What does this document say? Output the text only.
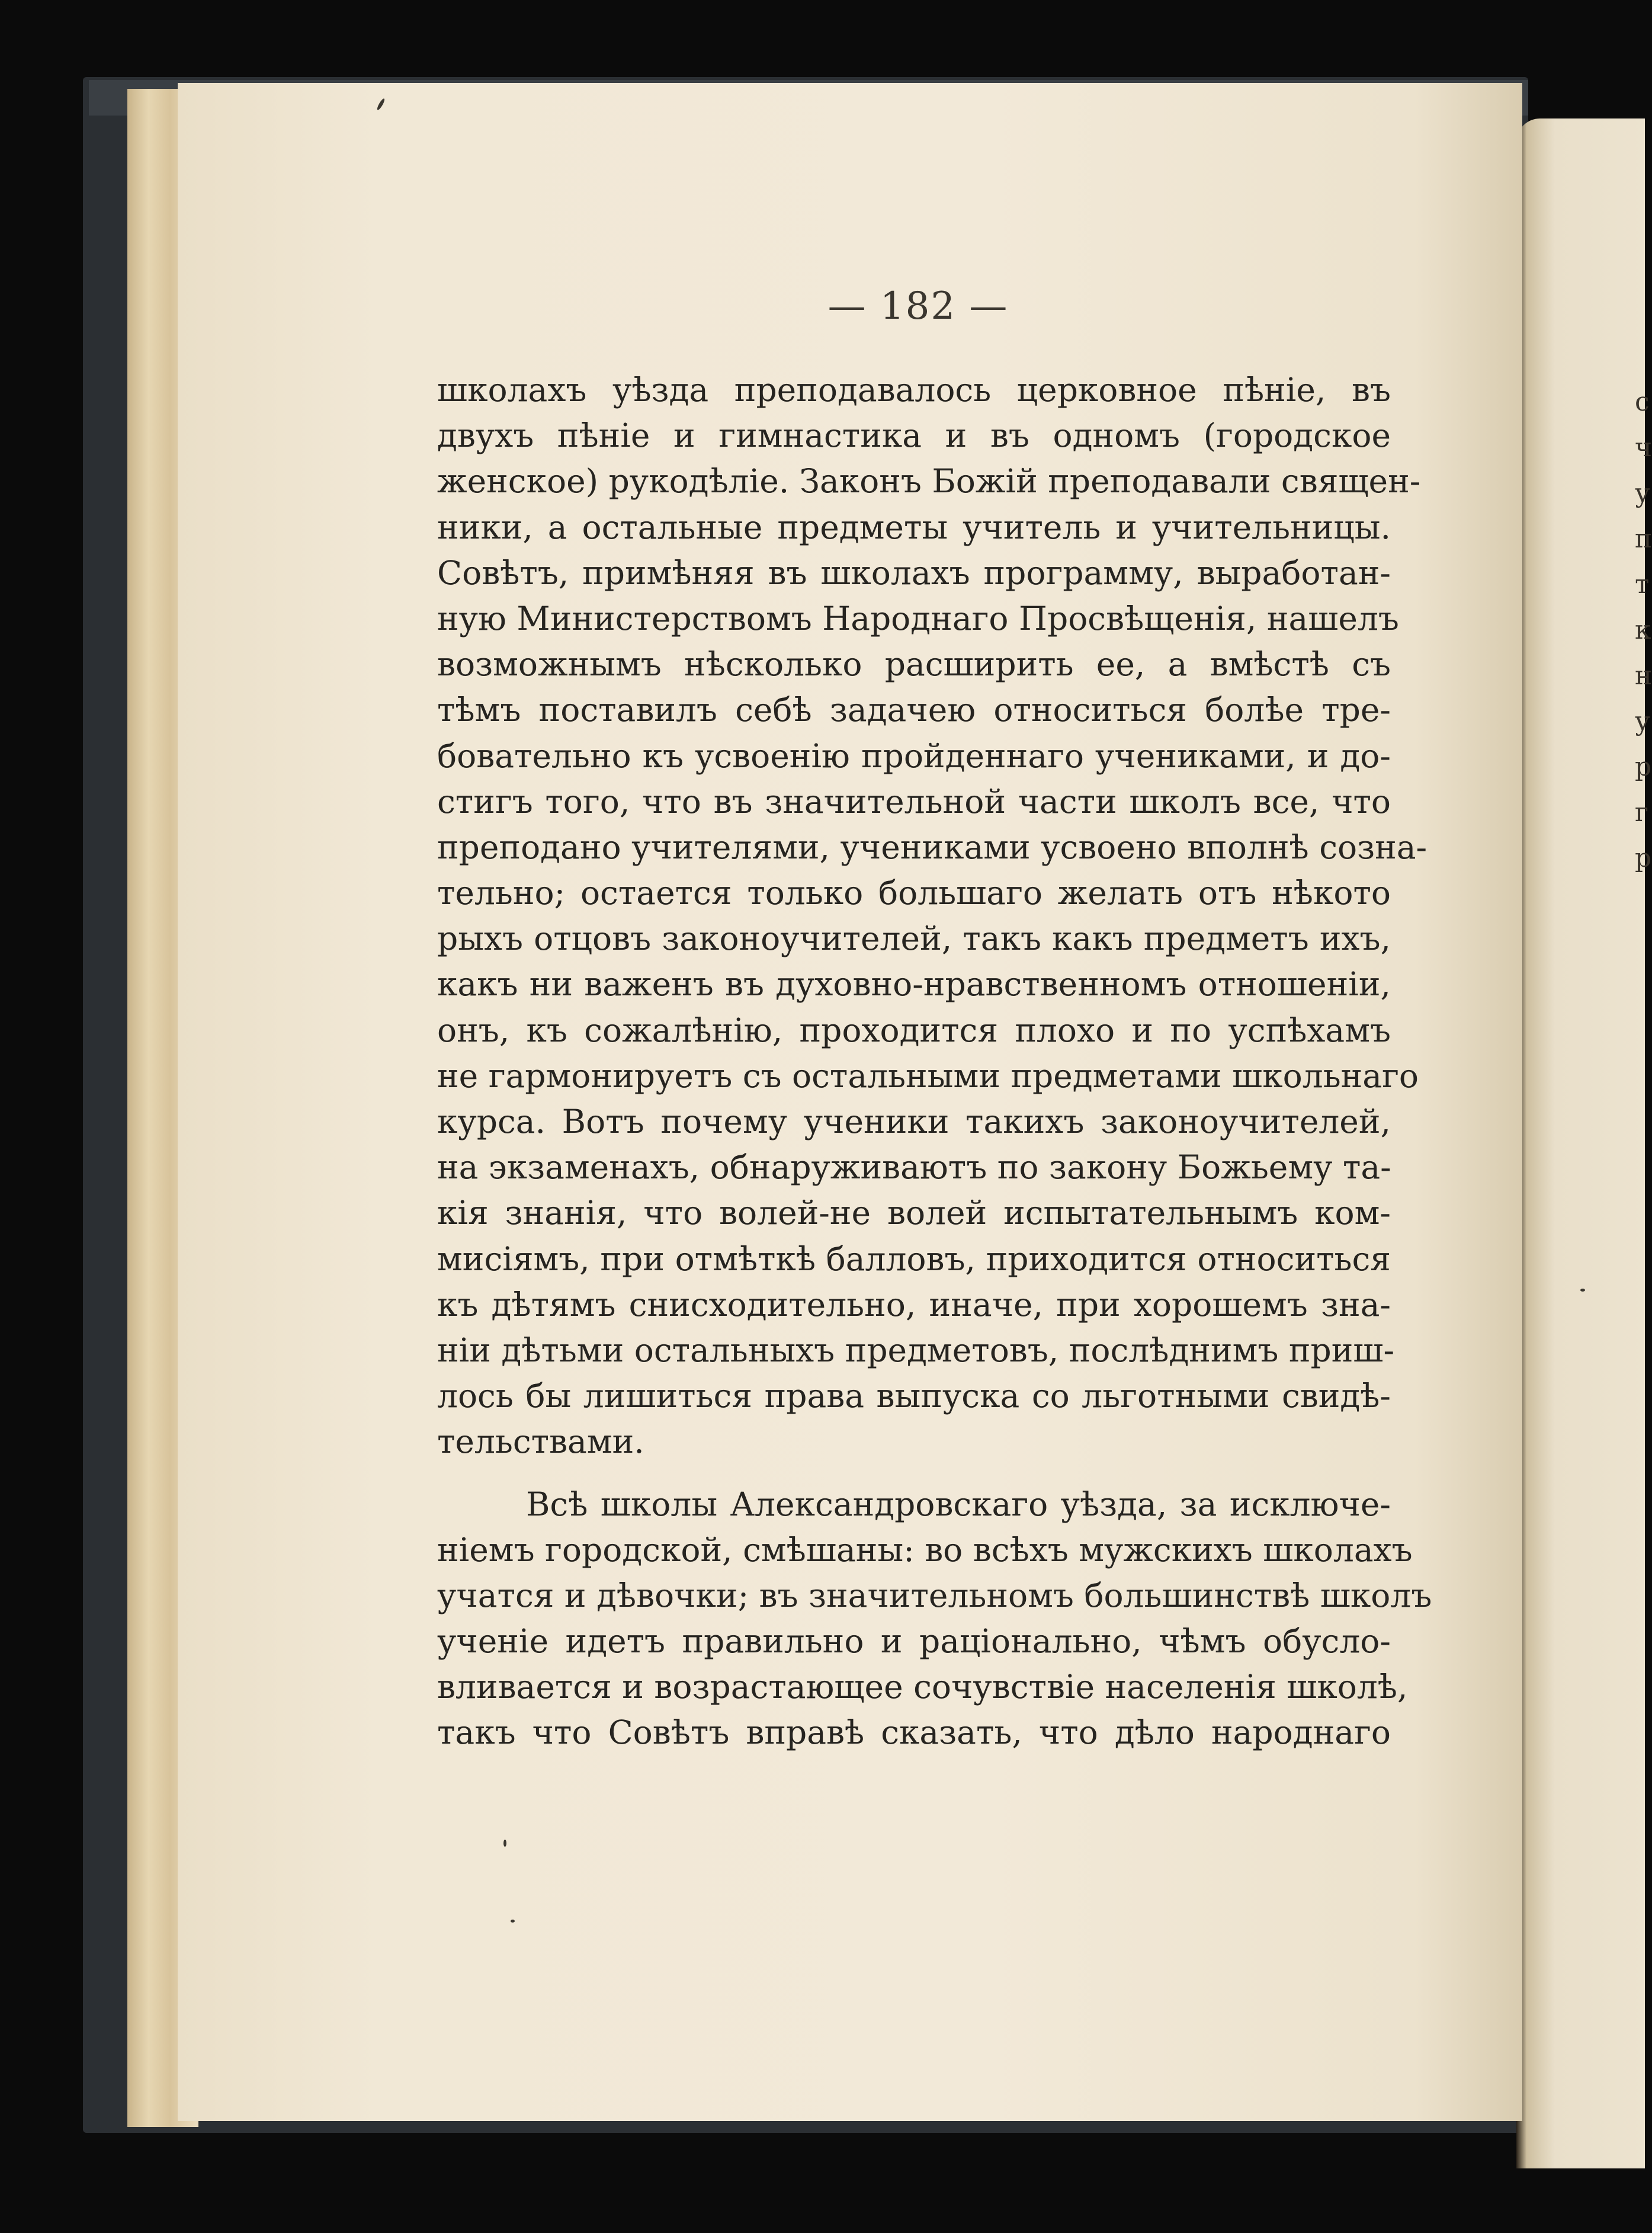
с
ч
у
п
т
к
н
у
р
г
р
— 182 —
школахъ уѣзда преподавалось церковное пѣніе, въ
двухъ пѣніе и гимнастика и въ одномъ (городское
женское) рукодѣліе. Законъ Божій преподавали священ-
ники, а остальные предметы учитель и учительницы.
Совѣтъ, примѣняя въ школахъ программу, выработан-
ную Министерствомъ Народнаго Просвѣщенія, нашелъ
возможнымъ нѣсколько расширить ее, а вмѣстѣ съ
тѣмъ поставилъ себѣ задачею относиться болѣе тре-
бовательно къ усвоенію пройденнаго учениками, и до-
стигъ того, что въ значительной части школъ все, что
преподано учителями, учениками усвоено вполнѣ созна-
тельно; остается только большаго желать отъ нѣкото
рыхъ отцовъ законоучителей, такъ какъ предметъ ихъ,
какъ ни важенъ въ духовно-нравственномъ отношеніи,
онъ, къ сожалѣнію, проходится плохо и по успѣхамъ
не гармонируетъ съ остальными предметами школьнаго
курса. Вотъ почему ученики такихъ законоучителей,
на экзаменахъ, обнаруживаютъ по закону Божьему та-
кія знанія, что волей-не волей испытательнымъ ком-
мисіямъ, при отмѣткѣ балловъ, приходится относиться
къ дѣтямъ снисходительно, иначе, при хорошемъ зна-
ніи дѣтьми остальныхъ предметовъ, послѣднимъ приш-
лось бы лишиться права выпуска со льготными свидѣ-
тельствами.
Всѣ школы Александровскаго уѣзда, за исключе-
ніемъ городской, смѣшаны: во всѣхъ мужскихъ школахъ
учатся и дѣвочки; въ значительномъ большинствѣ школъ
ученіе идетъ правильно и раціонально, чѣмъ обусло-
вливается и возрастающее сочувствіе населенія школѣ,
такъ что Совѣтъ вправѣ сказать, что дѣло народнаго
